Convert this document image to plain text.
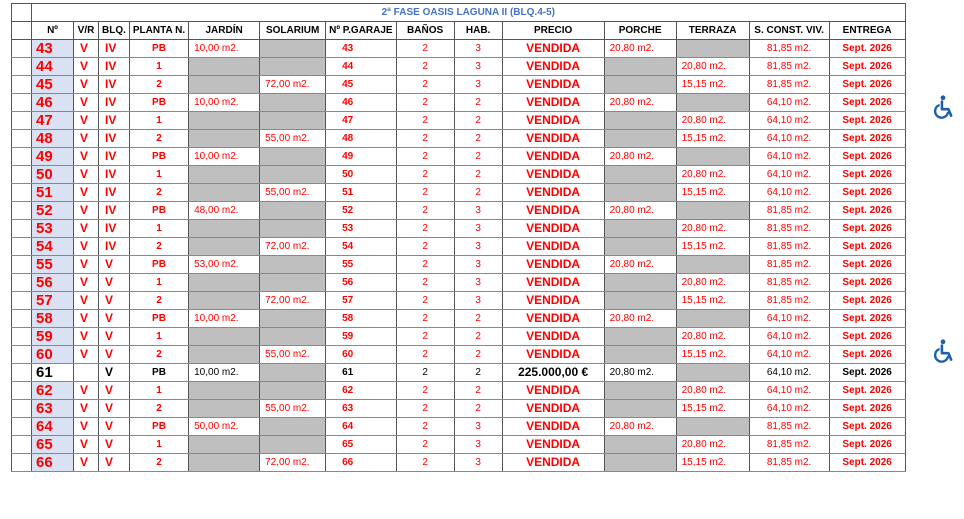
	2ª FASE OASIS LAGUNA II (BLQ.4-5)													
	Nº	V/R	BLQ.	PLANTA N.	JARDÍN	SOLARIUM	Nº P.GARAJE	BAÑOS	HAB.	PRECIO	PORCHE	TERRAZA	S. CONST. VIV.	ENTREGA
	43	V	IV	PB	10,00 m2.		43	2	3	VENDIDA	20,80 m2.		81,85 m2.	Sept. 2026
	44	V	IV	1			44	2	3	VENDIDA		20,80 m2.	81,85 m2.	Sept. 2026
	45	V	IV	2		72,00 m2.	45	2	3	VENDIDA		15,15 m2.	81,85 m2.	Sept. 2026
	46	V	IV	PB	10,00 m2.		46	2	2	VENDIDA	20,80 m2.		64,10 m2.	Sept. 2026
	47	V	IV	1			47	2	2	VENDIDA		20,80 m2.	64,10 m2.	Sept. 2026
	48	V	IV	2		55,00 m2.	48	2	2	VENDIDA		15,15 m2.	64,10 m2.	Sept. 2026
	49	V	IV	PB	10,00 m2.		49	2	2	VENDIDA	20,80 m2.		64,10 m2.	Sept. 2026
	50	V	IV	1			50	2	2	VENDIDA		20,80 m2.	64,10 m2.	Sept. 2026
	51	V	IV	2		55,00 m2.	51	2	2	VENDIDA		15,15 m2.	64,10 m2.	Sept. 2026
	52	V	IV	PB	48,00 m2.		52	2	3	VENDIDA	20,80 m2.		81,85 m2.	Sept. 2026
	53	V	IV	1			53	2	3	VENDIDA		20,80 m2.	81,85 m2.	Sept. 2026
	54	V	IV	2		72,00 m2.	54	2	3	VENDIDA		15,15 m2.	81,85 m2.	Sept. 2026
	55	V	V	PB	53,00 m2.		55	2	3	VENDIDA	20,80 m2.		81,85 m2.	Sept. 2026
	56	V	V	1			56	2	3	VENDIDA		20,80 m2.	81,85 m2.	Sept. 2026
	57	V	V	2		72,00 m2.	57	2	3	VENDIDA		15,15 m2.	81,85 m2.	Sept. 2026
	58	V	V	PB	10,00 m2.		58	2	2	VENDIDA	20,80 m2.		64,10 m2.	Sept. 2026
	59	V	V	1			59	2	2	VENDIDA		20,80 m2.	64,10 m2.	Sept. 2026
	60	V	V	2		55,00 m2.	60	2	2	VENDIDA		15,15 m2.	64,10 m2.	Sept. 2026
	61		V	PB	10,00 m2.		61	2	2	225.000,00 €	20,80 m2.		64,10 m2.	Sept. 2026
	62	V	V	1			62	2	2	VENDIDA		20,80 m2.	64,10 m2.	Sept. 2026
	63	V	V	2		55,00 m2.	63	2	2	VENDIDA		15,15 m2.	64,10 m2.	Sept. 2026
	64	V	V	PB	50,00 m2.		64	2	3	VENDIDA	20,80 m2.		81,85 m2.	Sept. 2026
	65	V	V	1			65	2	3	VENDIDA		20,80 m2.	81,85 m2.	Sept. 2026
	66	V	V	2		72,00 m2.	66	2	3	VENDIDA		15,15 m2.	81,85 m2.	Sept. 2026
